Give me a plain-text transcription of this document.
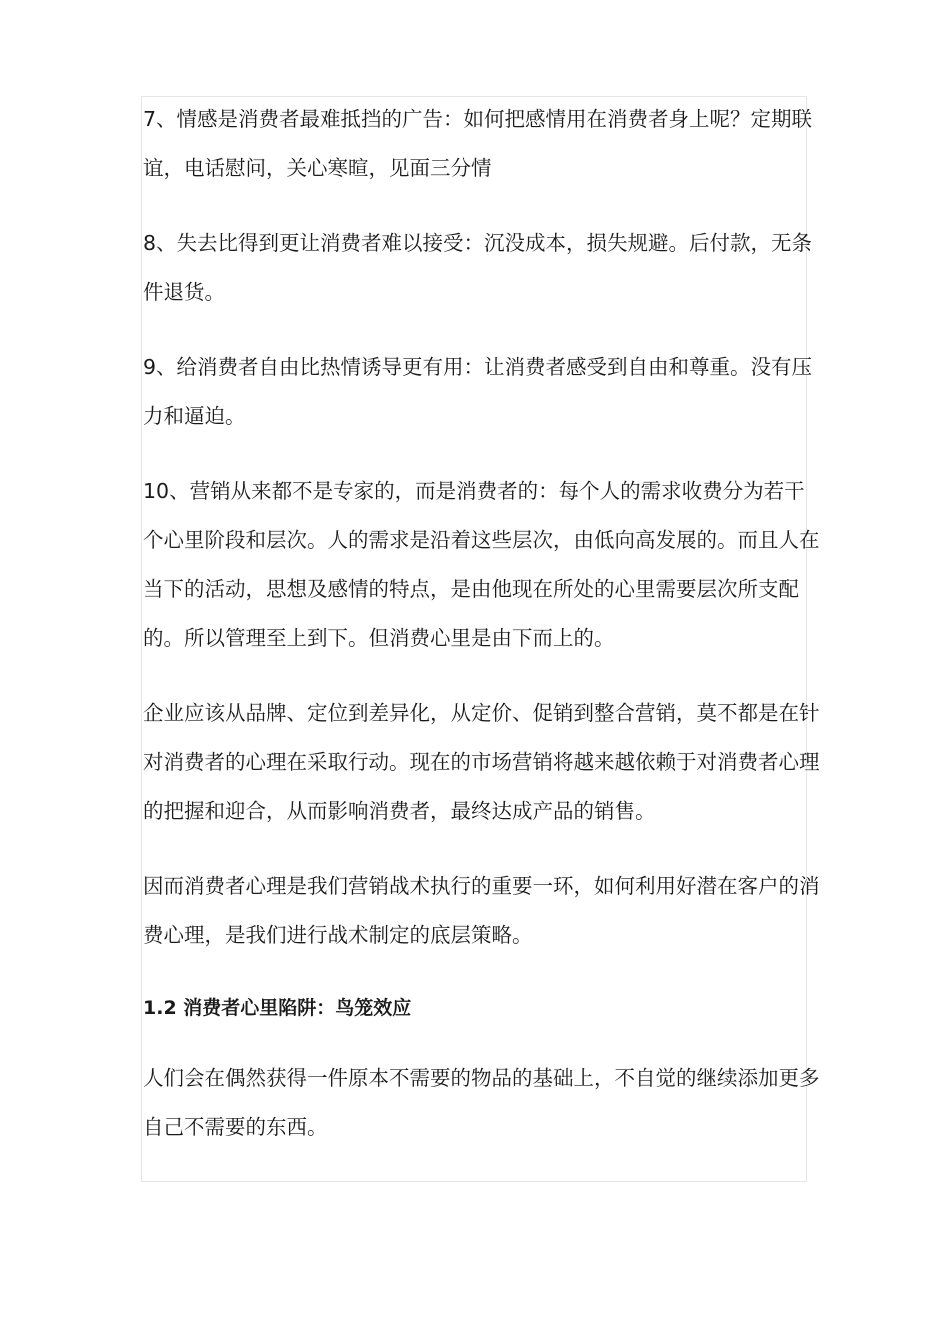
7、情感是消费者最难抵挡的广告：如何把感情用在消费者身上呢？定期联谊，电话慰问，关心寒暄，见面三分情

8、失去比得到更让消费者难以接受：沉没成本，损失规避。后付款，无条件退货。

9、给消费者自由比热情诱导更有用：让消费者感受到自由和尊重。没有压力和逼迫。

10、营销从来都不是专家的，而是消费者的：每个人的需求收费分为若干个心里阶段和层次。人的需求是沿着这些层次，由低向高发展的。而且人在当下的活动，思想及感情的特点，是由他现在所处的心里需要层次所支配的。所以管理至上到下。但消费心里是由下而上的。

企业应该从品牌、定位到差异化，从定价、促销到整合营销，莫不都是在针对消费者的心理在采取行动。现在的市场营销将越来越依赖于对消费者心理的把握和迎合，从而影响消费者，最终达成产品的销售。

因而消费者心理是我们营销战术执行的重要一环，如何利用好潜在客户的消费心理，是我们进行战术制定的底层策略。

1.2 消费者心里陷阱：鸟笼效应

人们会在偶然获得一件原本不需要的物品的基础上，不自觉的继续添加更多自己不需要的东西。
